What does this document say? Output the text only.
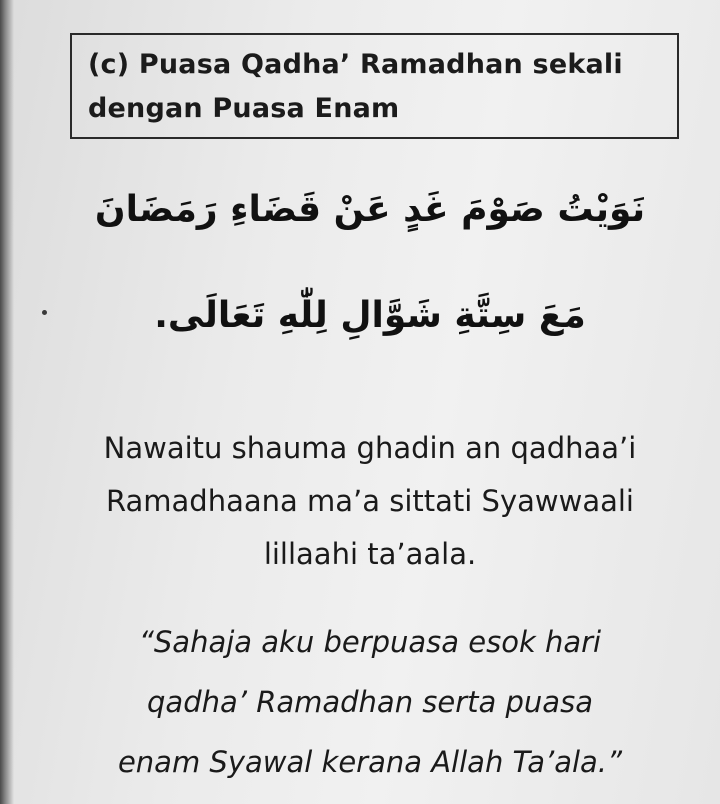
(c) Puasa Qadha’ Ramadhan sekali
dengan Puasa Enam

نَوَيْتُ صَوْمَ غَدٍ عَنْ قَضَاءِ رَمَضَانَ
مَعَ سِتَّةِ شَوَّالِ لِلّٰهِ تَعَالَى.
Nawaitu shauma ghadin an qadhaa’i
Ramadhaana ma’a sittati Syawwaali
lillaahi ta’aala.
“Sahaja aku berpuasa esok hari
qadha’ Ramadhan serta puasa
enam Syawal kerana Allah Ta’ala.”
